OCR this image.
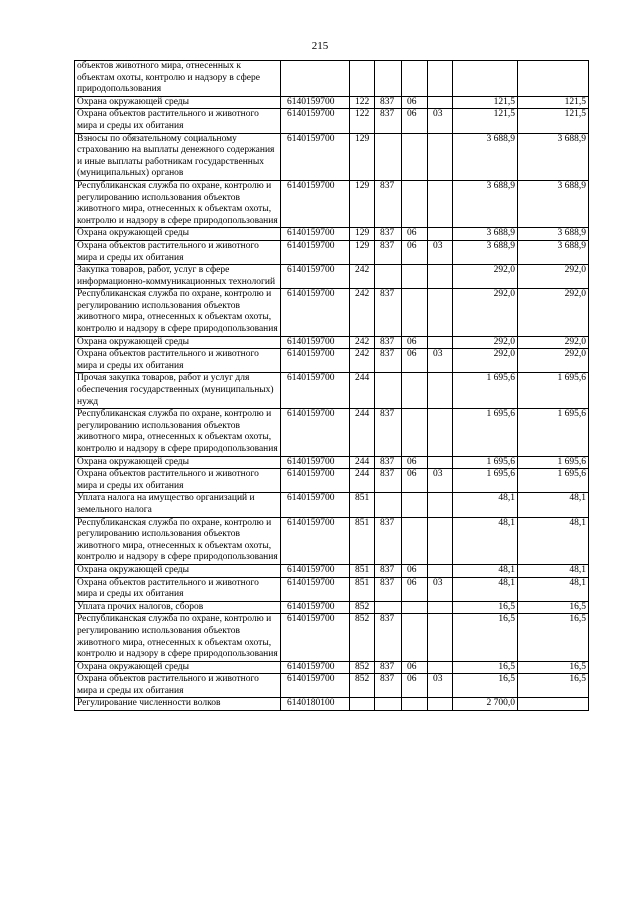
215
объектов животного мира, отнесенных к объектам охоты, контролю и надзору в сфере природопользования							
Охрана окружающей среды	6140159700	122	837	06		121,5	121,5
Охрана объектов растительного и животного мира и среды их обитания	6140159700	122	837	06	03	121,5	121,5
Взносы по обязательному социальному страхованию на выплаты денежного содержания и иные выплаты работникам государственных (муниципальных) органов	6140159700	129				3 688,9	3 688,9
Республиканская служба по охране, контролю и регулированию использования объектов животного мира, отнесенных к объектам охоты, контролю и надзору в сфере природопользования	6140159700	129	837			3 688,9	3 688,9
Охрана окружающей среды	6140159700	129	837	06		3 688,9	3 688,9
Охрана объектов растительного и животного мира и среды их обитания	6140159700	129	837	06	03	3 688,9	3 688,9
Закупка товаров, работ, услуг в сфере информационно-коммуникационных технологий	6140159700	242				292,0	292,0
Республиканская служба по охране, контролю и регулированию использования объектов животного мира, отнесенных к объектам охоты, контролю и надзору в сфере природопользования	6140159700	242	837			292,0	292,0
Охрана окружающей среды	6140159700	242	837	06		292,0	292,0
Охрана объектов растительного и животного мира и среды их обитания	6140159700	242	837	06	03	292,0	292,0
Прочая закупка товаров, работ и услуг для обеспечения государственных (муниципальных) нужд	6140159700	244				1 695,6	1 695,6
Республиканская служба по охране, контролю и регулированию использования объектов животного мира, отнесенных к объектам охоты, контролю и надзору в сфере природопользования	6140159700	244	837			1 695,6	1 695,6
Охрана окружающей среды	6140159700	244	837	06		1 695,6	1 695,6
Охрана объектов растительного и животного мира и среды их обитания	6140159700	244	837	06	03	1 695,6	1 695,6
Уплата налога на имущество организаций и земельного налога	6140159700	851				48,1	48,1
Республиканская служба по охране, контролю и регулированию использования объектов животного мира, отнесенных к объектам охоты, контролю и надзору в сфере природопользования	6140159700	851	837			48,1	48,1
Охрана окружающей среды	6140159700	851	837	06		48,1	48,1
Охрана объектов растительного и животного мира и среды их обитания	6140159700	851	837	06	03	48,1	48,1
Уплата прочих налогов, сборов	6140159700	852				16,5	16,5
Республиканская служба по охране, контролю и регулированию использования объектов животного мира, отнесенных к объектам охоты, контролю и надзору в сфере природопользования	6140159700	852	837			16,5	16,5
Охрана окружающей среды	6140159700	852	837	06		16,5	16,5
Охрана объектов растительного и животного мира и среды их обитания	6140159700	852	837	06	03	16,5	16,5
Регулирование численности волков	6140180100					2 700,0	
